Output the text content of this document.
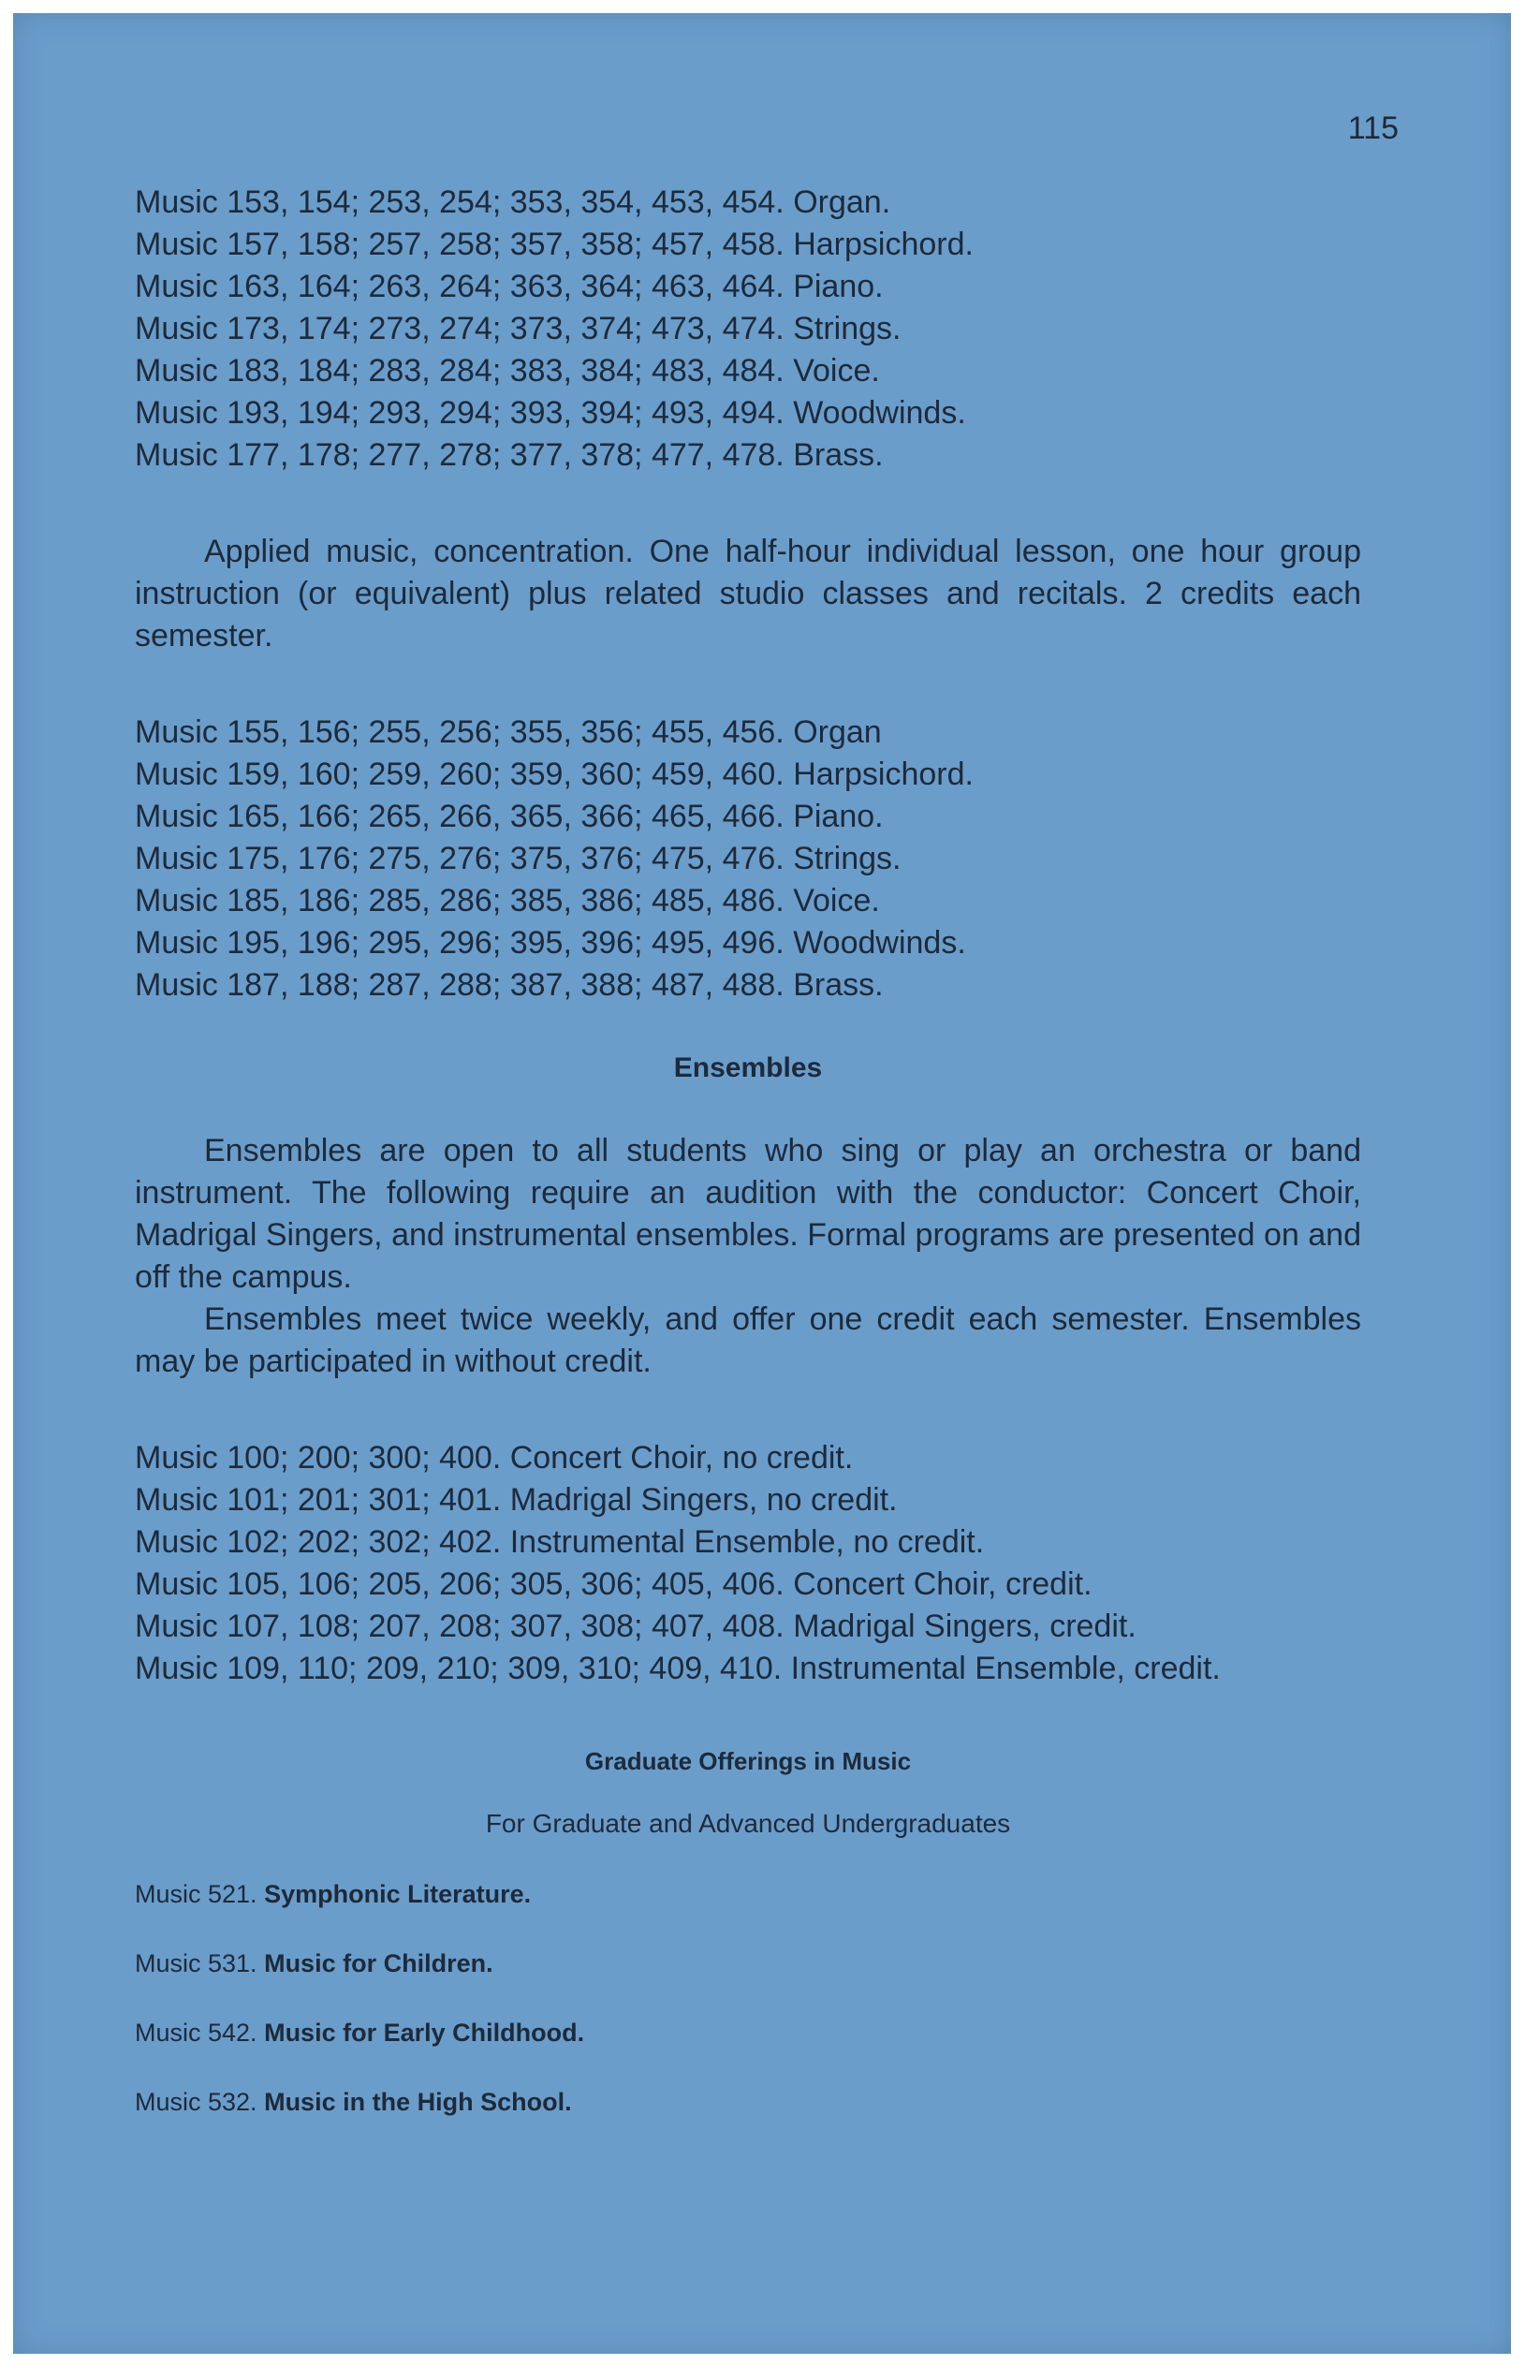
115

Music 153, 154; 253, 254; 353, 354, 453, 454. Organ.

Music 157, 158; 257, 258; 357, 358; 457, 458. Harpsichord.

Music 163, 164; 263, 264; 363, 364; 463, 464. Piano.

Music 173, 174; 273, 274; 373, 374; 473, 474. Strings.

Music 183, 184; 283, 284; 383, 384; 483, 484. Voice.

Music 193, 194; 293, 294; 393, 394; 493, 494. Woodwinds.

Music 177, 178; 277, 278; 377, 378; 477, 478. Brass.

Applied music, concentration. One half-hour individual lesson, one hour group instruction (or equivalent) plus related studio classes and recitals. 2 credits each semester.

Music 155, 156; 255, 256; 355, 356; 455, 456. Organ

Music 159, 160; 259, 260; 359, 360; 459, 460. Harpsichord.

Music 165, 166; 265, 266, 365, 366; 465, 466. Piano.

Music 175, 176; 275, 276; 375, 376; 475, 476. Strings.

Music 185, 186; 285, 286; 385, 386; 485, 486. Voice.

Music 195, 196; 295, 296; 395, 396; 495, 496. Woodwinds.

Music 187, 188; 287, 288; 387, 388; 487, 488. Brass.

Ensembles

Ensembles are open to all students who sing or play an orchestra or band instrument. The following require an audition with the conductor: Concert Choir, Madrigal Singers, and instrumental ensembles. Formal programs are presented on and off the campus.

Ensembles meet twice weekly, and offer one credit each semester. Ensembles may be participated in without credit.

Music 100; 200; 300; 400. Concert Choir, no credit.

Music 101; 201; 301; 401. Madrigal Singers, no credit.

Music 102; 202; 302; 402. Instrumental Ensemble, no credit.

Music 105, 106; 205, 206; 305, 306; 405, 406. Concert Choir, credit.

Music 107, 108; 207, 208; 307, 308; 407, 408. Madrigal Singers, credit.

Music 109, 110; 209, 210; 309, 310; 409, 410. Instrumental Ensemble, credit.

Graduate Offerings in Music

For Graduate and Advanced Undergraduates

Music 521. Symphonic Literature.

Music 531. Music for Children.

Music 542. Music for Early Childhood.

Music 532. Music in the High School.
